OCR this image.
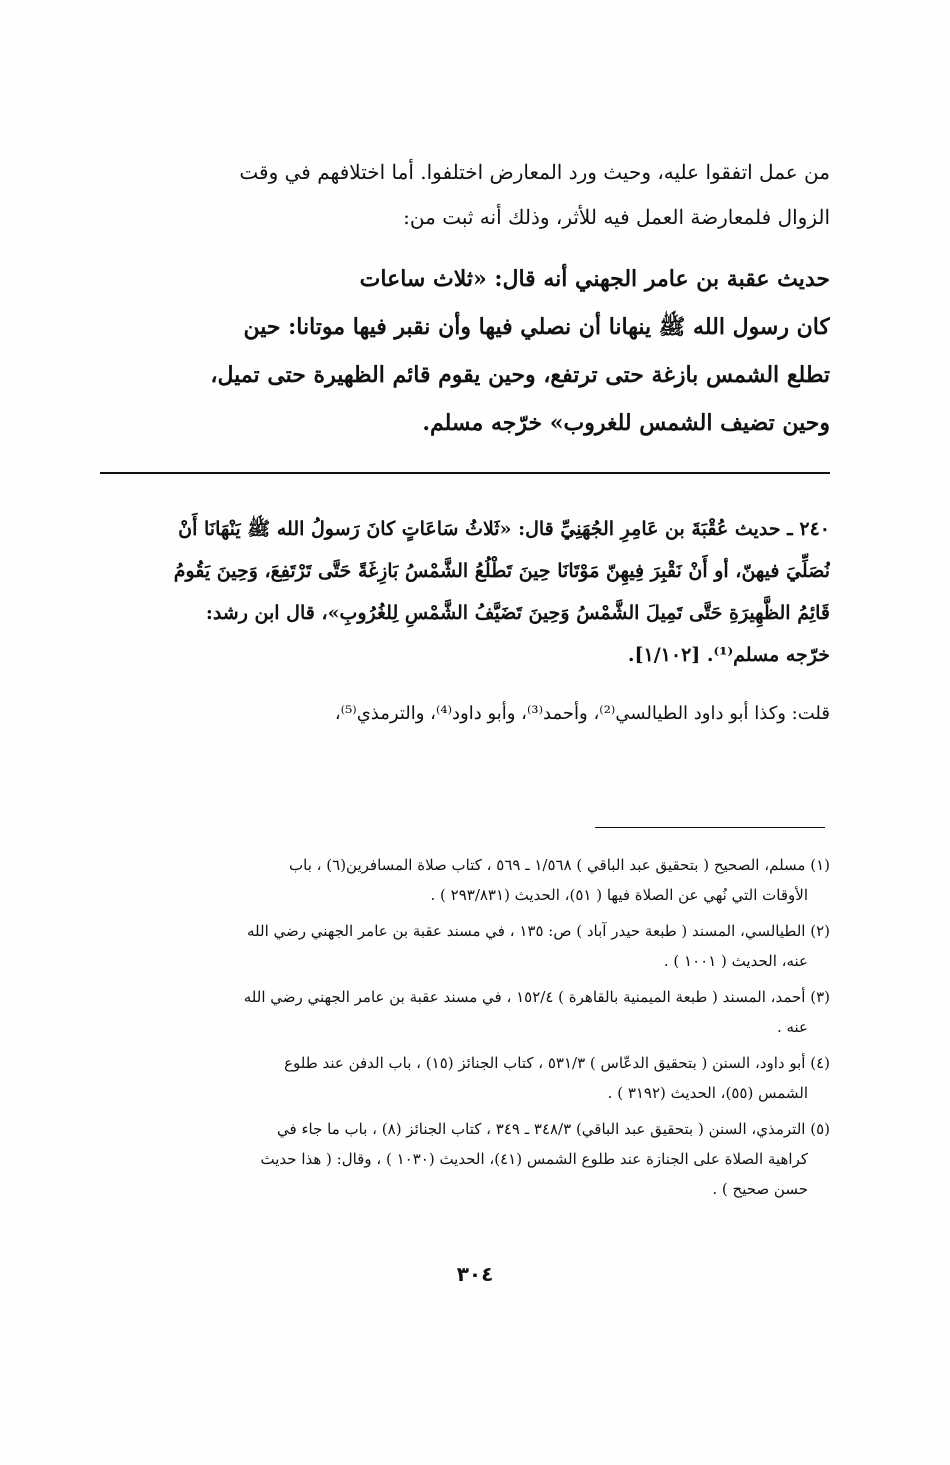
من عمل اتفقوا عليه، وحيث ورد المعارض اختلفوا. أما اختلافهم في وقت
الزوال فلمعارضة العمل فيه للأثر، وذلك أنه ثبت من:
حديث عقبة بن عامر الجهني أنه قال: «ثلاث ساعات
كان رسول الله ﷺ ينهانا أن نصلي فيها وأن نقبر فيها موتانا: حين
تطلع الشمس بازغة حتى ترتفع، وحين يقوم قائم الظهيرة حتى تميل،
وحين تضيف الشمس للغروب» خرّجه مسلم.
٢٤٠ ـ حديث عُقْبَةَ بن عَامِرِ الجُهَنِيِّ قال: «ثَلاثُ سَاعَاتٍ كانَ رَسولُ الله ﷺ يَنْهَانَا أَنْ
نُصَلِّيَ فيهنّ، أو أَنْ نَقْبِرَ فِيهِنّ مَوْتَانَا حِينَ تَطْلُعُ الشَّمْسُ بَازِغَةً حَتَّى تَرْتَفِعَ، وَحِينَ يَقُومُ
قَائِمُ الظَّهِيرَةِ حَتَّى تَمِيلَ الشَّمْسُ وَحِينَ تَضَيَّفُ الشَّمْسِ لِلغُرُوبِ»، قال ابن رشد:
خرّجه مسلم⁽¹⁾. [١/١٠٢].
قلت: وكذا أبو داود الطيالسي⁽²⁾، وأحمد⁽³⁾، وأبو داود⁽⁴⁾، والترمذي⁽⁵⁾،
(١) مسلم، الصحيح ( بتحقيق عبد الباقي ) ١/٥٦٨ ـ ٥٦٩ ، كتاب صلاة المسافرين(٦) ، باب
الأوقات التي نُهي عن الصلاة فيها ( ٥١)، الحديث (٢٩٣/٨٣١ ) .
(٢) الطيالسي، المسند ( طبعة حيدر آباد ) ص: ١٣٥ ، في مسند عقبة بن عامر الجهني رضي الله
عنه، الحديث ( ١٠٠١ ) .
(٣) أحمد، المسند ( طبعة الميمنية بالقاهرة ) ١٥٢/٤ ، في مسند عقبة بن عامر الجهني رضي الله
عنه .
(٤) أبو داود، السنن ( بتحقيق الدعّاس ) ٥٣١/٣ ، كتاب الجنائز (١٥) ، باب الدفن عند طلوع
الشمس (٥٥)، الحديث (٣١٩٢ ) .
(٥) الترمذي، السنن ( بتحقيق عبد الباقي) ٣٤٨/٣ ـ ٣٤٩ ، كتاب الجنائز (٨) ، باب ما جاء في
كراهية الصلاة على الجنازة عند طلوع الشمس (٤١)، الحديث (١٠٣٠ ) ، وقال: ( هذا حديث
حسن صحيح ) .
٣٠٤
